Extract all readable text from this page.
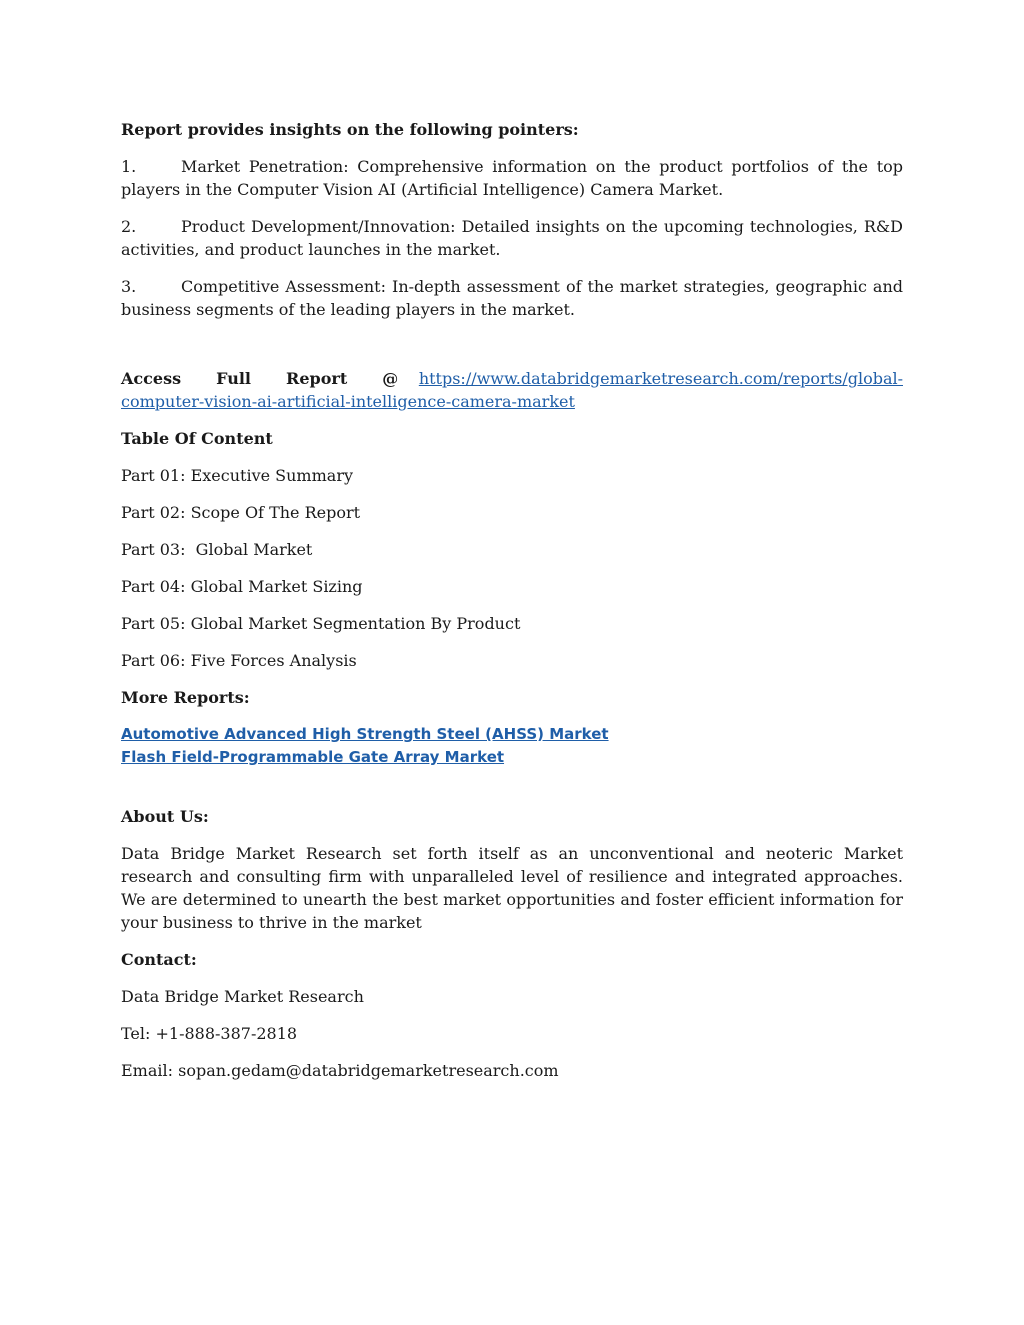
Report provides insights on the following pointers:

1.	Market Penetration: Comprehensive information on the product portfolios of the top players in the Computer Vision AI (Artificial Intelligence) Camera Market.

2.	Product Development/Innovation: Detailed insights on the upcoming technologies, R&D activities, and product launches in the market.

3.	Competitive Assessment: In-depth assessment of the market strategies, geographic and business segments of the leading players in the market.

Access Full Report @ https://www.databridgemarketresearch.com/reports/global-computer-vision-ai-artificial-intelligence-camera-market

Table Of Content

Part 01: Executive Summary

Part 02: Scope Of The Report

Part 03:  Global Market

Part 04: Global Market Sizing

Part 05: Global Market Segmentation By Product

Part 06: Five Forces Analysis

More Reports:

Automotive Advanced High Strength Steel (AHSS) Market
Flash Field-Programmable Gate Array Market

About Us:

Data Bridge Market Research set forth itself as an unconventional and neoteric Market research and consulting firm with unparalleled level of resilience and integrated approaches. We are determined to unearth the best market opportunities and foster efficient information for your business to thrive in the market

Contact:

Data Bridge Market Research

Tel: +1-888-387-2818

Email: sopan.gedam@databridgemarketresearch.com
